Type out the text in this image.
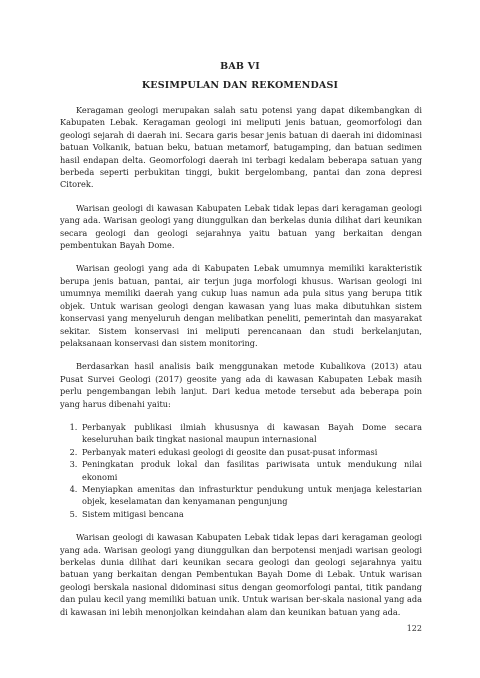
BAB VI
KESIMPULAN DAN REKOMENDASI

Keragaman geologi merupakan salah satu potensi yang dapat dikembangkan di Kabupaten Lebak. Keragaman geologi ini meliputi jenis batuan, geomorfologi dan geologi sejarah di daerah ini. Secara garis besar jenis batuan di daerah ini didominasi batuan Volkanik, batuan beku, batuan metamorf, batugamping, dan batuan sedimen hasil endapan delta. Geomorfologi daerah ini terbagi kedalam beberapa satuan yang berbeda seperti perbukitan tinggi, bukit bergelombang, pantai dan zona depresi Citorek.

Warisan geologi di kawasan Kabupaten Lebak tidak lepas dari keragaman geologi yang ada. Warisan geologi yang diunggulkan dan berkelas dunia dilihat dari keunikan secara geologi dan geologi sejarahnya yaitu batuan yang berkaitan dengan pembentukan Bayah Dome.

Warisan geologi yang ada di Kabupaten Lebak umumnya memiliki karakteristik berupa jenis batuan, pantai, air terjun juga morfologi khusus. Warisan geologi ini umumnya memiliki daerah yang cukup luas namun ada pula situs yang berupa titik objek. Untuk warisan geologi dengan kawasan yang luas maka dibutuhkan sistem konservasi yang menyeluruh dengan melibatkan peneliti, pemerintah dan masyarakat sekitar. Sistem konservasi ini meliputi perencanaan dan studi berkelanjutan, pelaksanaan konservasi dan sistem monitoring.

Berdasarkan hasil analisis baik menggunakan metode Kubalikova (2013) atau Pusat Survei Geologi (2017) geosite yang ada di kawasan Kabupaten Lebak masih perlu pengembangan lebih lanjut. Dari kedua metode tersebut ada beberapa poin yang harus dibenahi yaitu:

1. Perbanyak publikasi ilmiah khususnya di kawasan Bayah Dome secara keseluruhan baik tingkat nasional maupun internasional
2. Perbanyak materi edukasi geologi di geosite dan pusat-pusat informasi
3. Peningkatan produk lokal dan fasilitas pariwisata untuk mendukung nilai ekonomi
4. Menyiapkan amenitas dan infrasturktur pendukung untuk menjaga kelestarian objek, keselamatan dan kenyamanan pengunjung
5. Sistem mitigasi bencana

Warisan geologi di kawasan Kabupaten Lebak tidak lepas dari keragaman geologi yang ada. Warisan geologi yang diunggulkan dan berpotensi menjadi warisan geologi berkelas dunia dilihat dari keunikan secara geologi dan geologi sejarahnya yaitu batuan yang berkaitan dengan Pembentukan Bayah Dome di Lebak. Untuk warisan geologi berskala nasional didominasi situs dengan geomorfologi pantai, titik pandang dan pulau kecil yang memiliki batuan unik. Untuk warisan ber-skala nasional yang ada di kawasan ini lebih menonjolkan keindahan alam dan keunikan batuan yang ada.

122
